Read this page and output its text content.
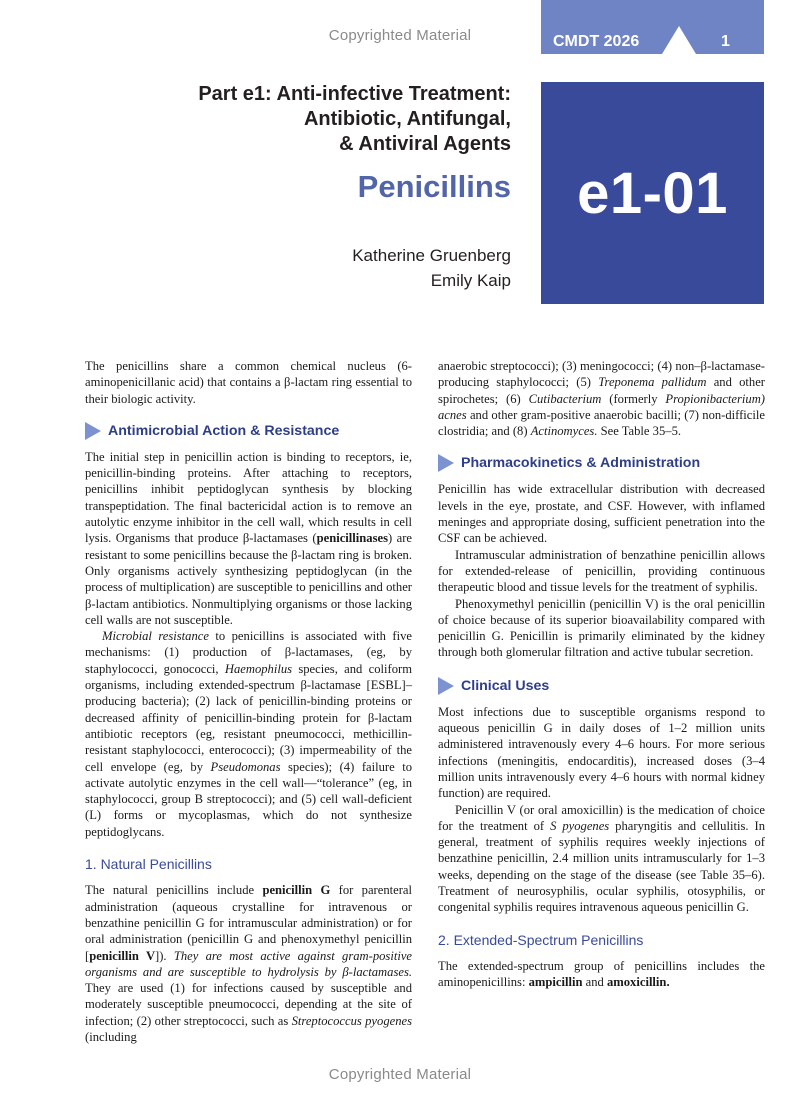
Copyrighted Material
Copyrighted Material
CMDT 2026	1
Part e1: Anti-infective Treatment:
Antibiotic, Antifungal,
& Antiviral Agents
Penicillins
Katherine Gruenberg
Emily Kaip
e1-01

The penicillins share a common chemical nucleus (6-aminopenicillanic acid) that contains a β-lactam ring essential to their biologic activity.

Antimicrobial Action & Resistance

The initial step in penicillin action is binding to receptors, ie, penicillin-binding proteins. After attaching to receptors, penicillins inhibit peptidoglycan synthesis by blocking transpeptidation. The final bactericidal action is to remove an autolytic enzyme inhibitor in the cell wall, which results in cell lysis. Organisms that produce β-lactamases (penicillinases) are resistant to some penicillins because the β-lactam ring is broken. Only organisms actively synthesizing peptidoglycan (in the process of multiplication) are susceptible to penicillins and other β-lactam antibiotics. Nonmultiplying organisms or those lacking cell walls are not susceptible.

Microbial resistance to penicillins is associated with five mechanisms: (1) production of β-lactamases, (eg, by staphylococci, gonococci, Haemophilus species, and coliform organisms, including extended-spectrum β-lactamase [ESBL]–producing bacteria); (2) lack of penicillin-binding proteins or decreased affinity of penicillin-binding protein for β-lactam antibiotic receptors (eg, resistant pneumococci, methicillin-resistant staphylococci, enterococci); (3) impermeability of the cell envelope (eg, by Pseudomonas species); (4) failure to activate autolytic enzymes in the cell wall—“tolerance” (eg, in staphylococci, group B streptococci); and (5) cell wall-deficient (L) forms or mycoplasmas, which do not synthesize peptidoglycans.

1. Natural Penicillins

The natural penicillins include penicillin G for parenteral administration (aqueous crystalline for intravenous or benzathine penicillin G for intramuscular administration) or for oral administration (penicillin G and phenoxymethyl penicillin [penicillin V]). They are most active against gram-positive organisms and are susceptible to hydrolysis by β-lactamases. They are used (1) for infections caused by susceptible and moderately susceptible pneumococci, depending at the site of infection; (2) other streptococci, such as Streptococcus pyogenes (including

anaerobic streptococci); (3) meningococci; (4) non–β-lactamase-producing staphylococci; (5) Treponema pallidum and other spirochetes; (6) Cutibacterium (formerly Propionibacterium) acnes and other gram-positive anaerobic bacilli; (7) non-difficile clostridia; and (8) Actinomyces. See Table 35–5.

Pharmacokinetics & Administration

Penicillin has wide extracellular distribution with decreased levels in the eye, prostate, and CSF. However, with inflamed meninges and appropriate dosing, sufficient penetration into the CSF can be achieved.

Intramuscular administration of benzathine penicillin allows for extended-release of penicillin, providing continuous therapeutic blood and tissue levels for the treatment of syphilis.

Phenoxymethyl penicillin (penicillin V) is the oral penicillin of choice because of its superior bioavailability compared with penicillin G. Penicillin is primarily eliminated by the kidney through both glomerular filtration and active tubular secretion.

Clinical Uses

Most infections due to susceptible organisms respond to aqueous penicillin G in daily doses of 1–2 million units administered intravenously every 4–6 hours. For more serious infections (meningitis, endocarditis), increased doses (3–4 million units intravenously every 4–6 hours with normal kidney function) are required.

Penicillin V (or oral amoxicillin) is the medication of choice for the treatment of S pyogenes pharyngitis and cellulitis. In general, treatment of syphilis requires weekly injections of benzathine penicillin, 2.4 million units intramuscularly for 1–3 weeks, depending on the stage of the disease (see Table 35–6). Treatment of neurosyphilis, ocular syphilis, otosyphilis, or congenital syphilis requires intravenous aqueous penicillin G.

2. Extended-Spectrum Penicillins

The extended-spectrum group of penicillins includes the aminopenicillins: ampicillin and amoxicillin.
